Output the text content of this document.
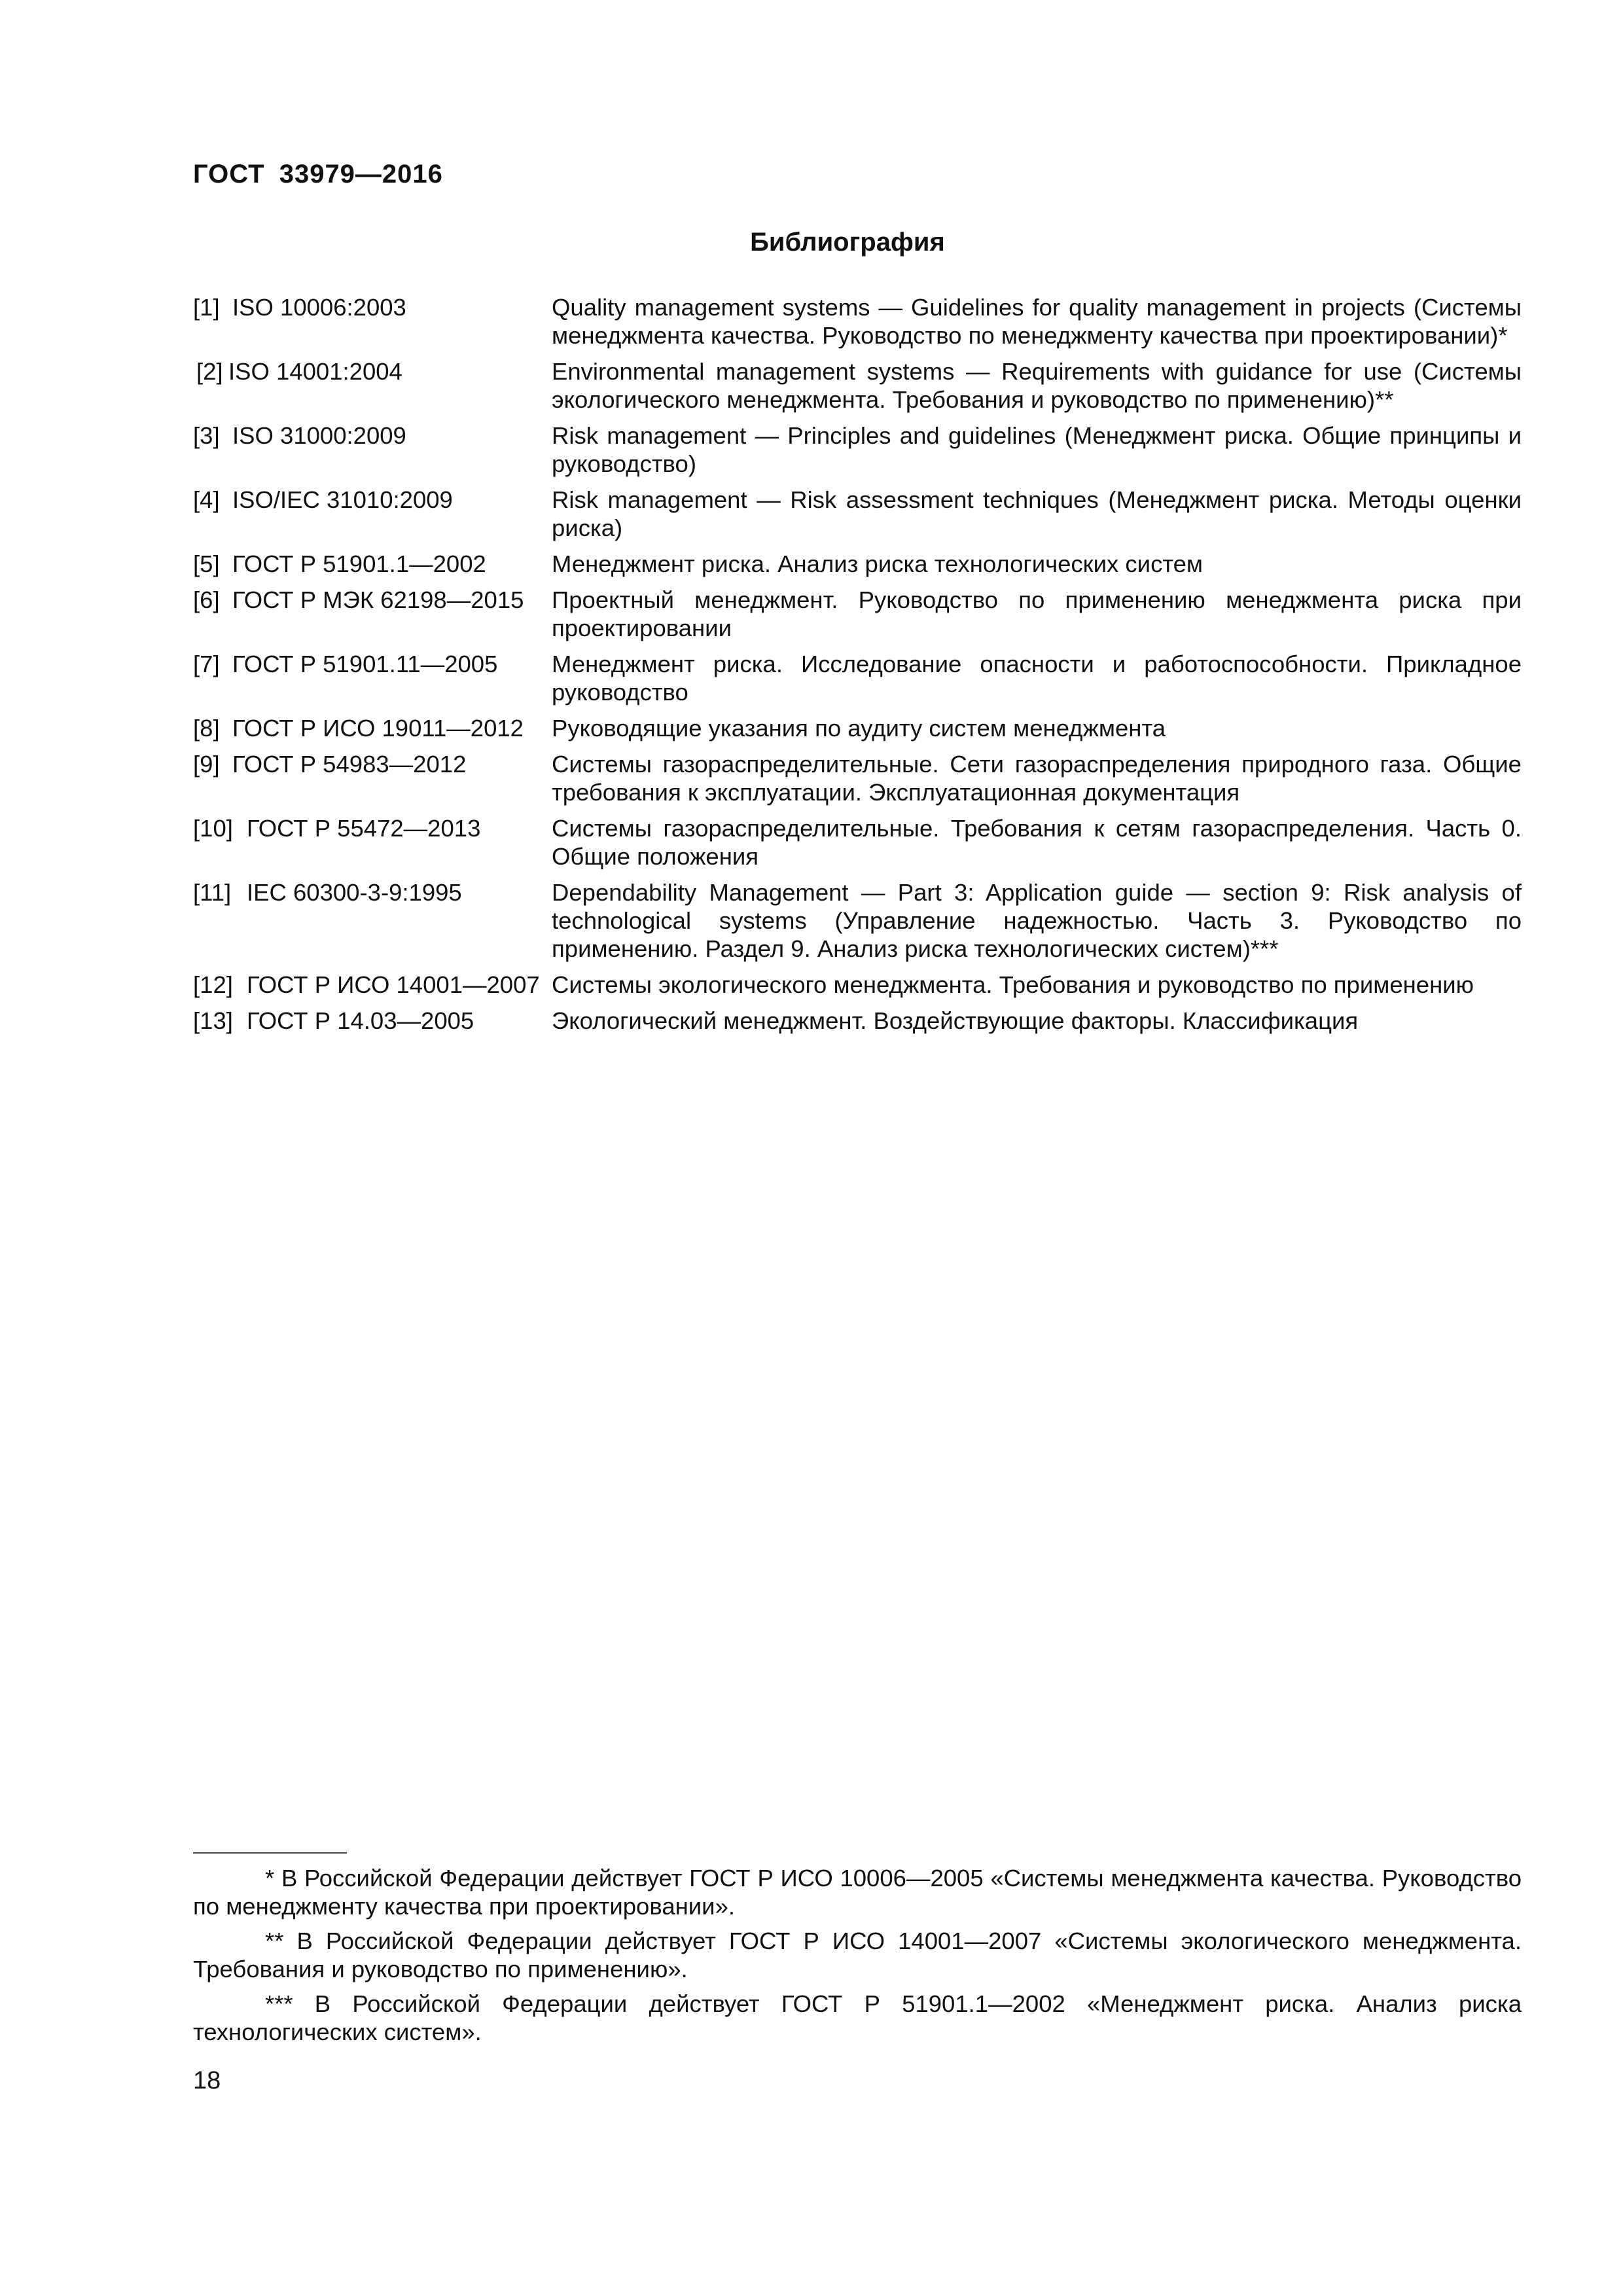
ГОСТ 33979—2016
Библиография
[1] ISO 10006:2003	Quality management systems — Guidelines for quality management in projects (Системы менеджмента качества. Руководство по менеджменту качества при проектировании)*
[2] ISO 14001:2004	Environmental management systems — Requirements with guidance for use (Системы экологического менеджмента. Требования и руководство по применению)**
[3] ISO 31000:2009	Risk management — Principles and guidelines (Менеджмент риска. Общие принципы и руководство)
[4] ISO/IEC 31010:2009	Risk management — Risk assessment techniques (Менеджмент риска. Методы оценки риска)
[5] ГОСТ Р 51901.1—2002	Менеджмент риска. Анализ риска технологических систем
[6] ГОСТ Р МЭК 62198—2015 Проектный менеджмент. Руководство по применению менеджмента риска при проектировании
[7] ГОСТ Р 51901.11—2005 Менеджмент риска. Исследование опасности и работоспособности. Прикладное руководство
[8] ГОСТ Р ИСО 19011—2012 Руководящие указания по аудиту систем менеджмента
[9] ГОСТ Р 54983—2012	Системы газораспределительные. Сети газораспределения природного газа. Общие требования к эксплуатации. Эксплуатационная документация
[10] ГОСТ Р 55472—2013	Системы газораспределительные. Требования к сетям газораспределения. Часть 0. Общие положения
[11] IEC 60300-3-9:1995	Dependability Management — Part 3: Application guide — section 9: Risk analysis of technological systems (Управление надежностью. Часть 3. Руководство по применению. Раздел 9. Анализ риска технологических систем)***
[12] ГОСТ Р ИСО 14001—2007 Системы экологического менеджмента. Требования и руководство по применению
[13] ГОСТ Р 14.03—2005	Экологический менеджмент. Воздействующие факторы. Классификация

* В Российской Федерации действует ГОСТ Р ИСО 10006—2005 «Системы менеджмента качества. Руководство по менеджменту качества при проектировании».

** В Российской Федерации действует ГОСТ Р ИСО 14001—2007 «Системы экологического менеджмента. Требования и руководство по применению».

*** В Российской Федерации действует ГОСТ Р 51901.1—2002 «Менеджмент риска. Анализ риска технологических систем».

18
